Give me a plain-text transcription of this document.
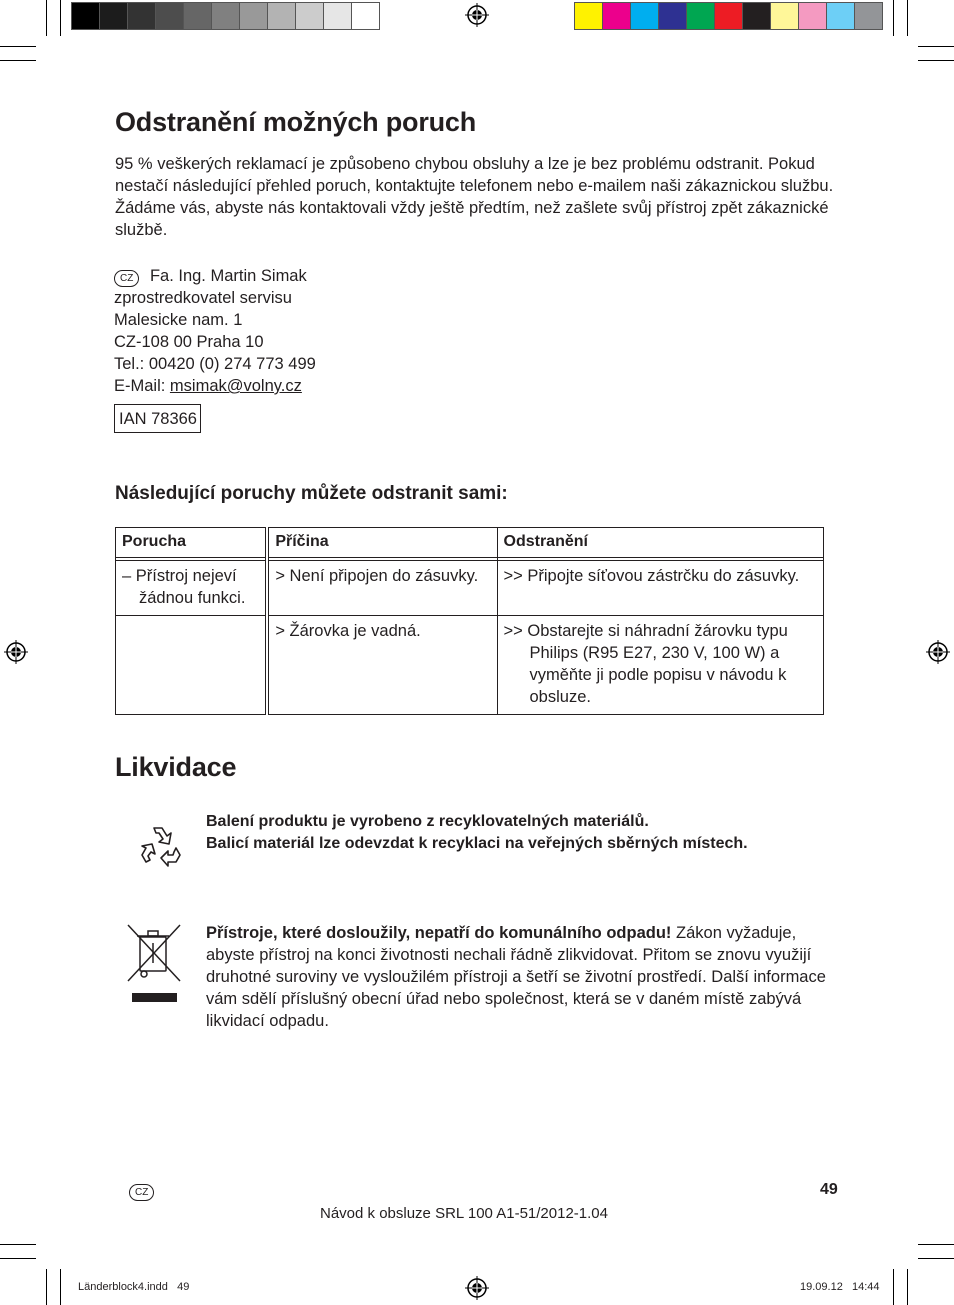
Odstranění možných poruch
95 % veškerých reklamací je způsobeno chybou obsluhy a lze je bez problému odstranit. Pokud nestačí následující přehled poruch, kontaktujte telefonem nebo e-mailem naši zákaznickou službu. Žádáme vás, abyste nás kontaktovali vždy ještě předtím, než zašlete svůj přístroj zpět zákaznické službě.
CZ Fa. Ing. Martin Simak
zprostredkovatel servisu
Malesicke nam. 1
CZ-108 00 Praha 10
Tel.: 00420 (0) 274 773 499
E-Mail: msimak@volny.cz
IAN 78366
Následující poruchy můžete odstranit sami:
Porucha	Příčina	Odstranění

– Přístroj nejeví žádnou funkci.	> Není připojen do zásuvky.	>> Připojte síťovou zástrčku do zásuvky.

	> Žárovka je vadná.	>> Obstarejte si náhradní žárovku typu Philips (R95 E27, 230 V, 100 W) a vyměňte ji podle popisu v návodu k obsluze.
Likvidace
Balení produktu je vyrobeno z recyklovatelných materiálů.
Balicí materiál lze odevzdat k recyklaci na veřejných sběrných místech.
Přístroje, které dosloužily, nepatří do komunálního odpadu! Zákon vyžaduje, abyste přístroj na konci životnosti nechali řádně zlikvidovat. Přitom se znovu využijí druhotné suroviny ve vysloužilém přístroji a šetří se životní prostředí. Další informace vám sdělí příslušný obecní úřad nebo společnost, která se v daném místě zabývá likvidací odpadu.
CZ	49
Návod k obsluze SRL 100 A1-51/2012-1.04
Länderblock4.indd   49	19.09.12   14:44
